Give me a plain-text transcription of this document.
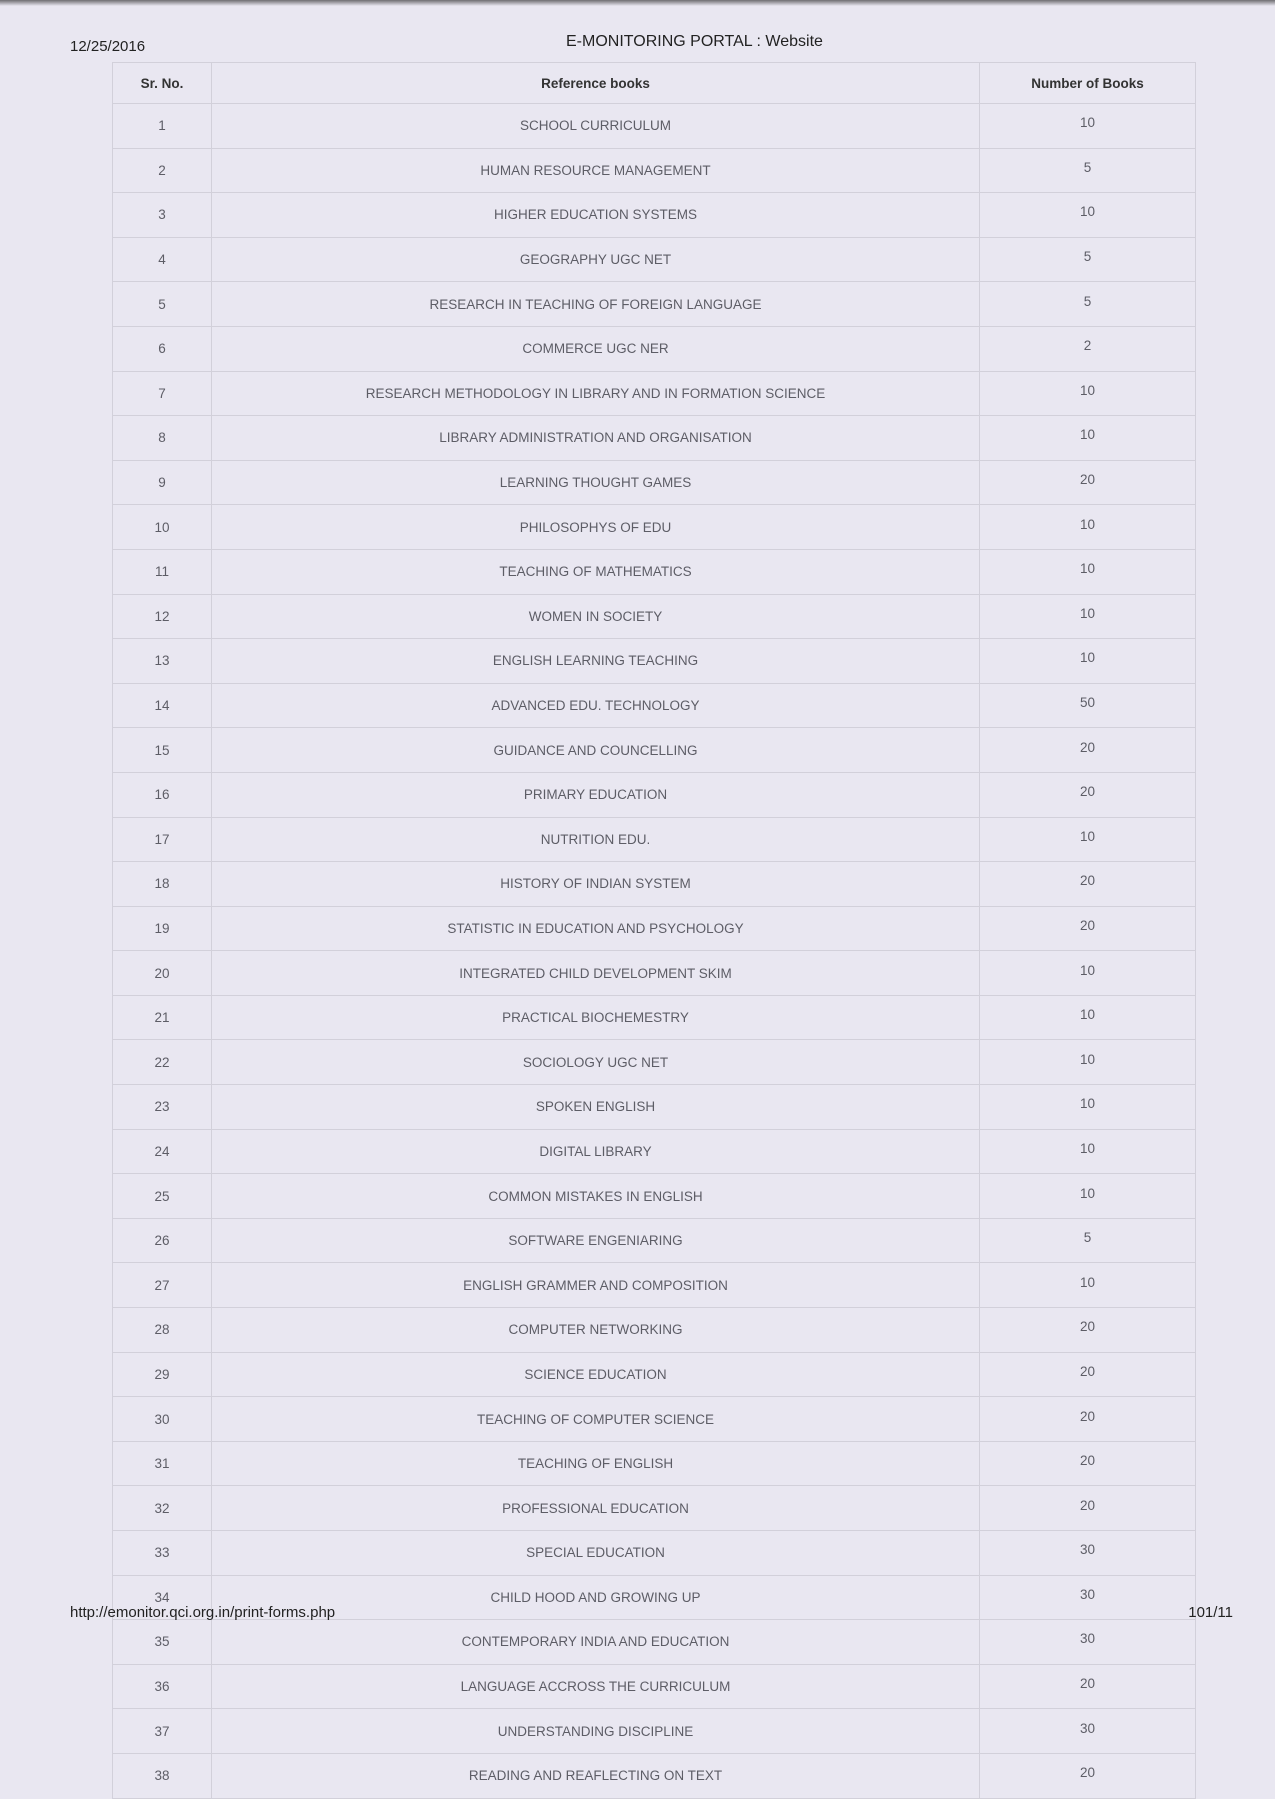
12/25/2016	E-MONITORING PORTAL : Website
Sr. No.	Reference books	Number of Books
1	SCHOOL CURRICULUM	10
2	HUMAN RESOURCE MANAGEMENT	5
3	HIGHER EDUCATION SYSTEMS	10
4	GEOGRAPHY UGC NET	5
5	RESEARCH IN TEACHING OF FOREIGN LANGUAGE	5
6	COMMERCE UGC NER	2
7	RESEARCH METHODOLOGY IN LIBRARY AND IN FORMATION SCIENCE	10
8	LIBRARY ADMINISTRATION AND ORGANISATION	10
9	LEARNING THOUGHT GAMES	20
10	PHILOSOPHYS OF EDU	10
11	TEACHING OF MATHEMATICS	10
12	WOMEN IN SOCIETY	10
13	ENGLISH LEARNING TEACHING	10
14	ADVANCED EDU. TECHNOLOGY	50
15	GUIDANCE AND COUNCELLING	20
16	PRIMARY EDUCATION	20
17	NUTRITION EDU.	10
18	HISTORY OF INDIAN SYSTEM	20
19	STATISTIC IN EDUCATION AND PSYCHOLOGY	20
20	INTEGRATED CHILD DEVELOPMENT SKIM	10
21	PRACTICAL BIOCHEMESTRY	10
22	SOCIOLOGY UGC NET	10
23	SPOKEN ENGLISH	10
24	DIGITAL LIBRARY	10
25	COMMON MISTAKES IN ENGLISH	10
26	SOFTWARE ENGENIARING	5
27	ENGLISH GRAMMER AND COMPOSITION	10
28	COMPUTER NETWORKING	20
29	SCIENCE EDUCATION	20
30	TEACHING OF COMPUTER SCIENCE	20
31	TEACHING OF ENGLISH	20
32	PROFESSIONAL EDUCATION	20
33	SPECIAL EDUCATION	30
34	CHILD HOOD AND GROWING UP	30
35	CONTEMPORARY INDIA AND EDUCATION	30
36	LANGUAGE ACCROSS THE CURRICULUM	20
37	UNDERSTANDING DISCIPLINE	30
38	READING AND REAFLECTING ON TEXT	20
http://emonitor.qci.org.in/print-forms.php	101/11
